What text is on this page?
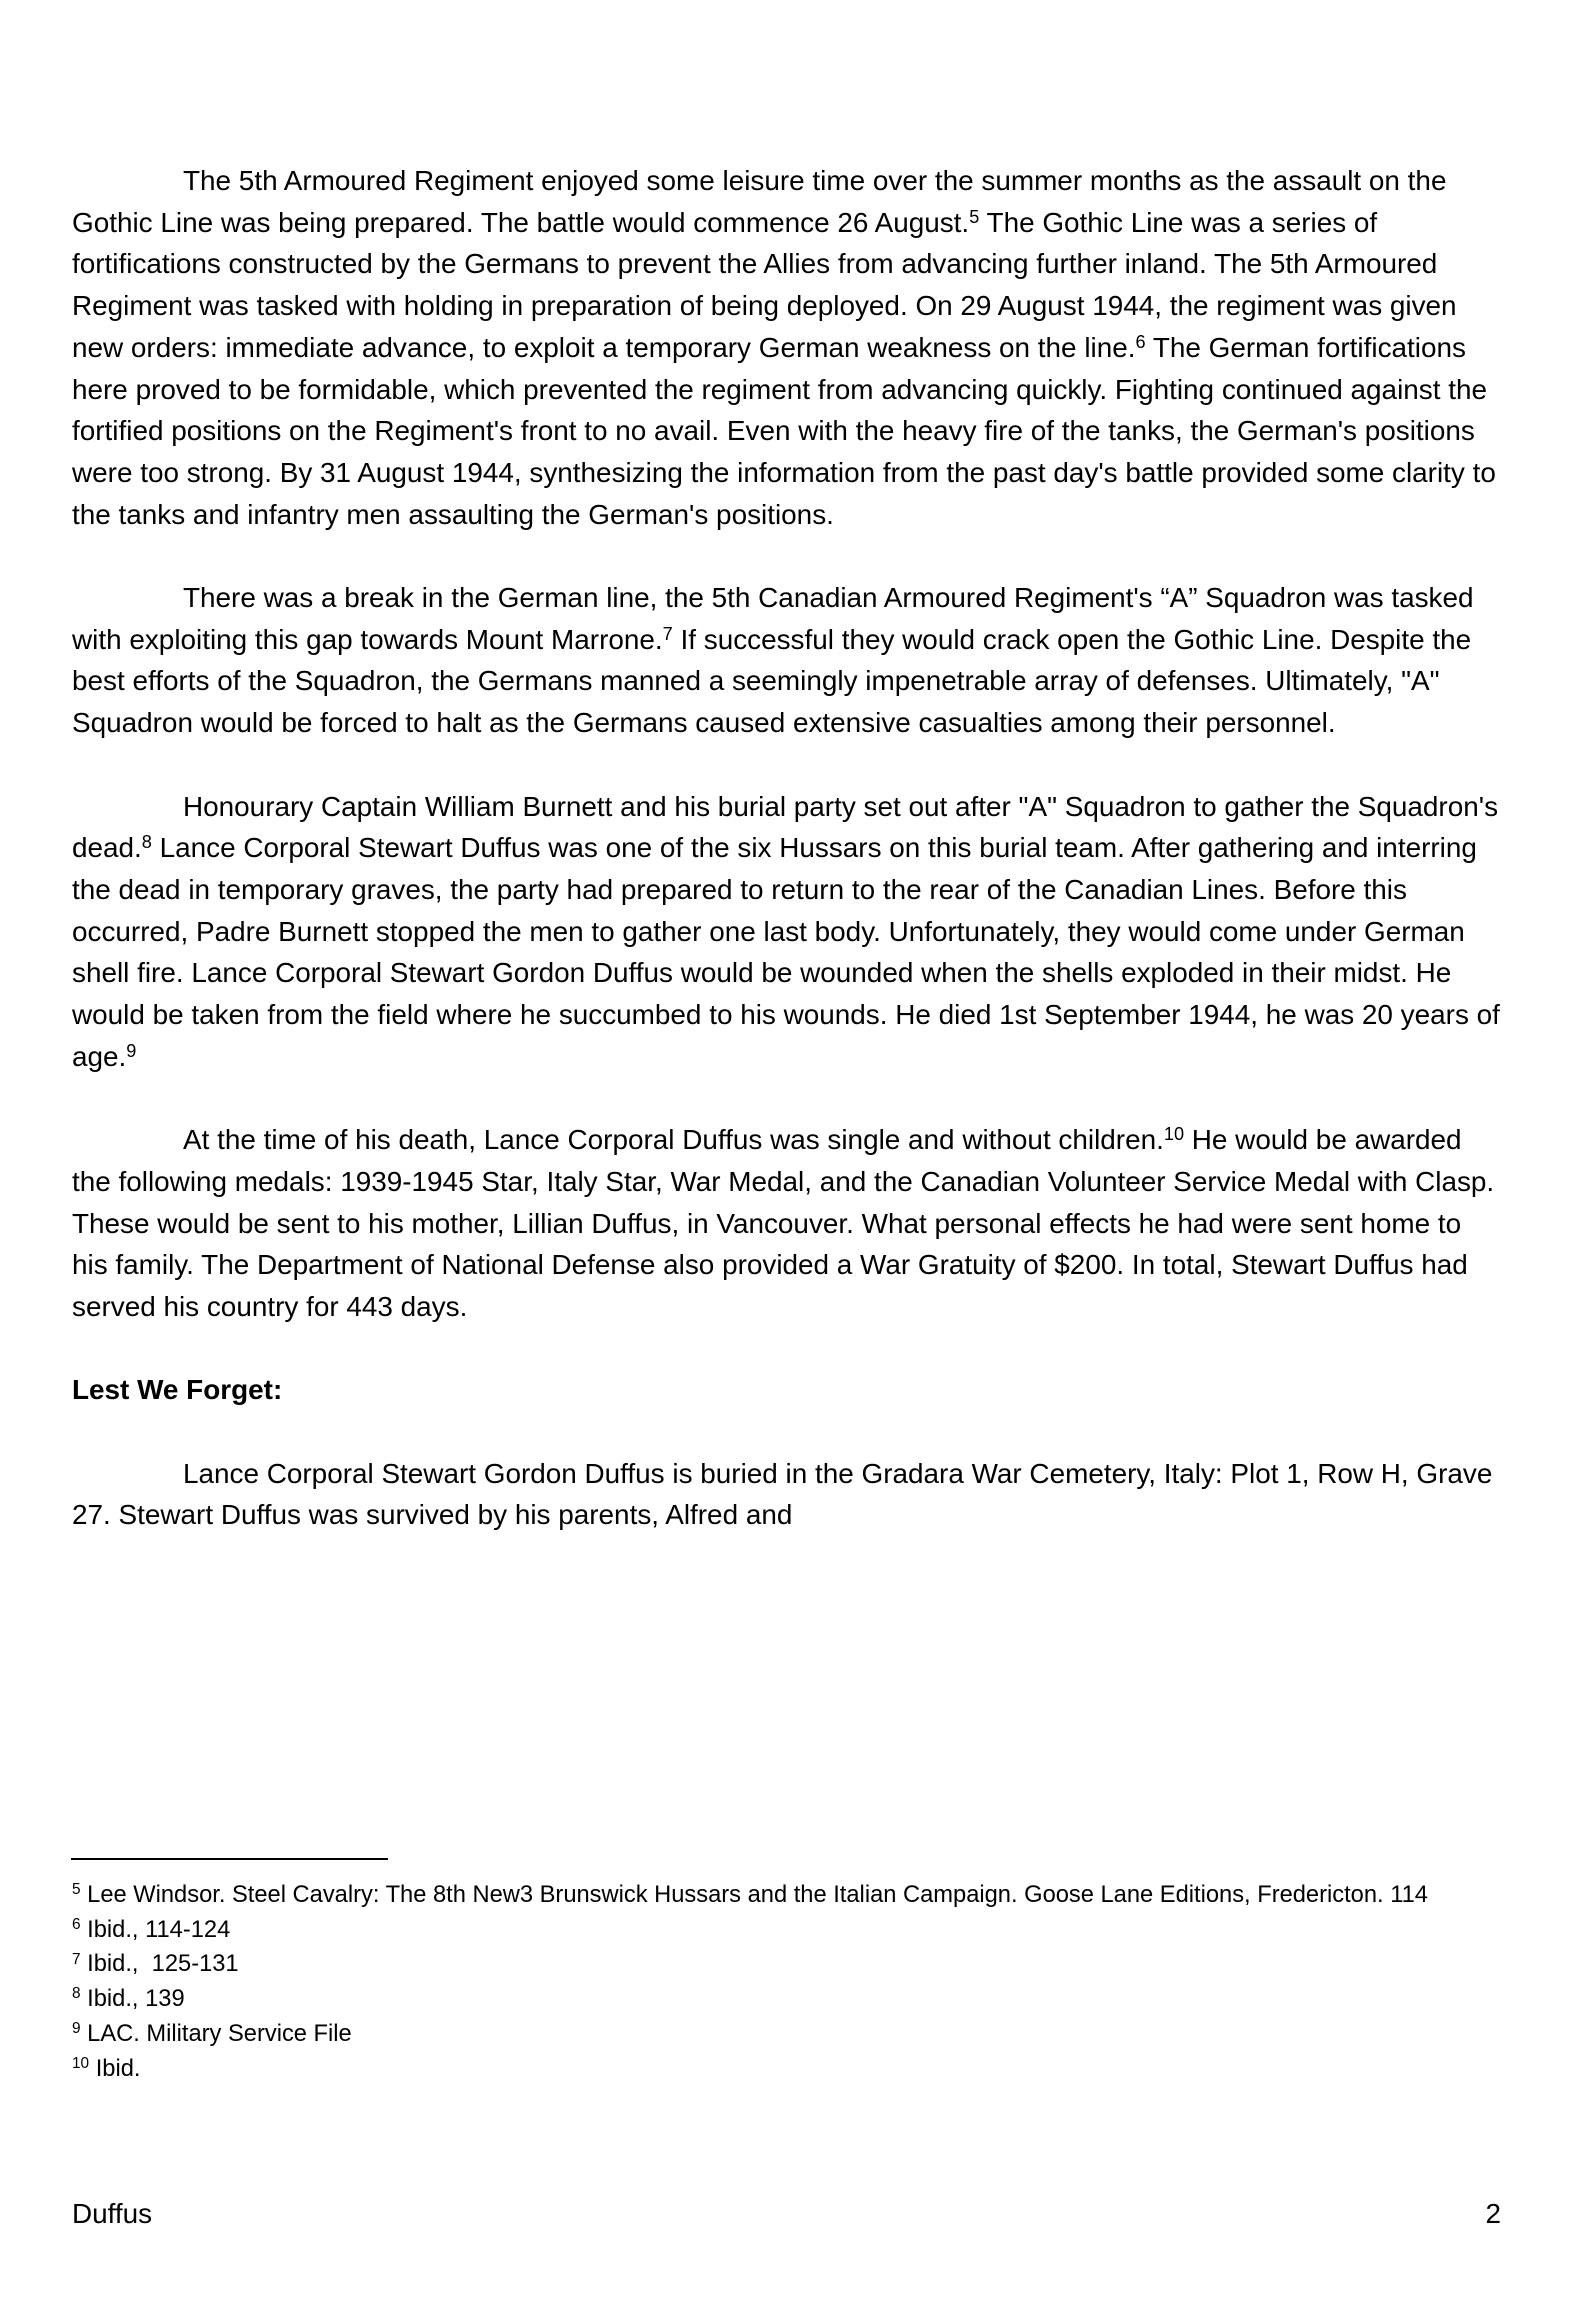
The 5th Armoured Regiment enjoyed some leisure time over the summer months as the assault on the Gothic Line was being prepared. The battle would commence 26 August.$^5$ The Gothic Line was a series of fortifications constructed by the Germans to prevent the Allies from advancing further inland. The 5th Armoured Regiment was tasked with holding in preparation of being deployed. On 29 August 1944, the regiment was given new orders: immediate advance, to exploit a temporary German weakness on the line.$^6$ The German fortifications here proved to be formidable, which prevented the regiment from advancing quickly. Fighting continued against the fortified positions on the Regiment's front to no avail. Even with the heavy fire of the tanks, the German's positions were too strong. By 31 August 1944, synthesizing the information from the past day's battle provided some clarity to the tanks and infantry men assaulting the German's positions.

There was a break in the German line, the 5th Canadian Armoured Regiment's “A” Squadron was tasked with exploiting this gap towards Mount Marrone.$^7$ If successful they would crack open the Gothic Line. Despite the best efforts of the Squadron, the Germans manned a seemingly impenetrable array of defenses. Ultimately, "A" Squadron would be forced to halt as the Germans caused extensive casualties among their personnel.

Honourary Captain William Burnett and his burial party set out after "A" Squadron to gather the Squadron's dead.$^8$ Lance Corporal Stewart Duffus was one of the six Hussars on this burial team. After gathering and interring the dead in temporary graves, the party had prepared to return to the rear of the Canadian Lines. Before this occurred, Padre Burnett stopped the men to gather one last body. Unfortunately, they would come under German shell fire. Lance Corporal Stewart Gordon Duffus would be wounded when the shells exploded in their midst. He would be taken from the field where he succumbed to his wounds. He died 1st September 1944, he was 20 years of age.$^9$

At the time of his death, Lance Corporal Duffus was single and without children.$^{10}$ He would be awarded the following medals: 1939-1945 Star, Italy Star, War Medal, and the Canadian Volunteer Service Medal with Clasp. These would be sent to his mother, Lillian Duffus, in Vancouver. What personal effects he had were sent home to his family. The Department of National Defense also provided a War Gratuity of $200. In total, Stewart Duffus had served his country for 443 days.

Lest We Forget:

Lance Corporal Stewart Gordon Duffus is buried in the Gradara War Cemetery, Italy: Plot 1, Row H, Grave 27. Stewart Duffus was survived by his parents, Alfred and

$^5$ Lee Windsor. Steel Cavalry: The 8th New3 Brunswick Hussars and the Italian Campaign. Goose Lane Editions, Fredericton. 114
$^6$ Ibid., 114-124
$^7$ Ibid.,  125-131
$^8$ Ibid., 139
$^9$ LAC. Military Service File
$^{10}$ Ibid.
Duffus	2
